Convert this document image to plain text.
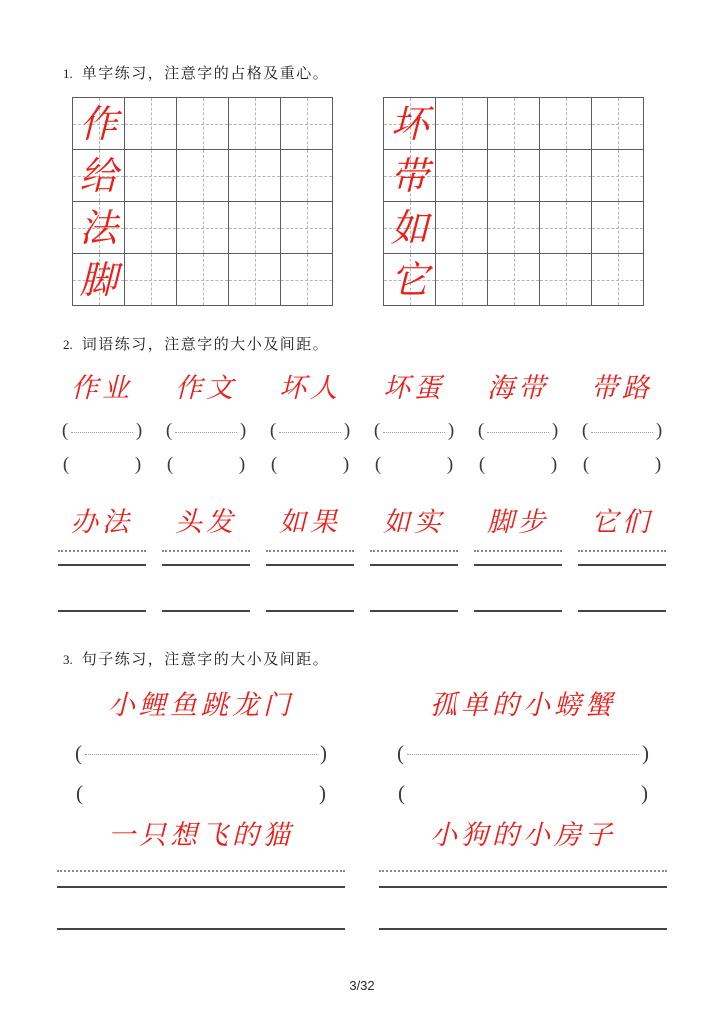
1. 单字练习，注意字的占格及重心。
作
给
法
脚
坏
带
如
它
2. 词语练习，注意字的大小及间距。
作业
(	)
(	)
作文
(	)
(	)
坏人
(	)
(	)
坏蛋
(	)
(	)
海带
(	)
(	)
带路
(	)
(	)
办法	头发	如果	如实	脚步	它们
3. 句子练习，注意字的大小及间距。
小鲤鱼跳龙门
(	)
(	)
孤单的小螃蟹
(	)
(	)
一只想飞的猫	小狗的小房子
3/32
